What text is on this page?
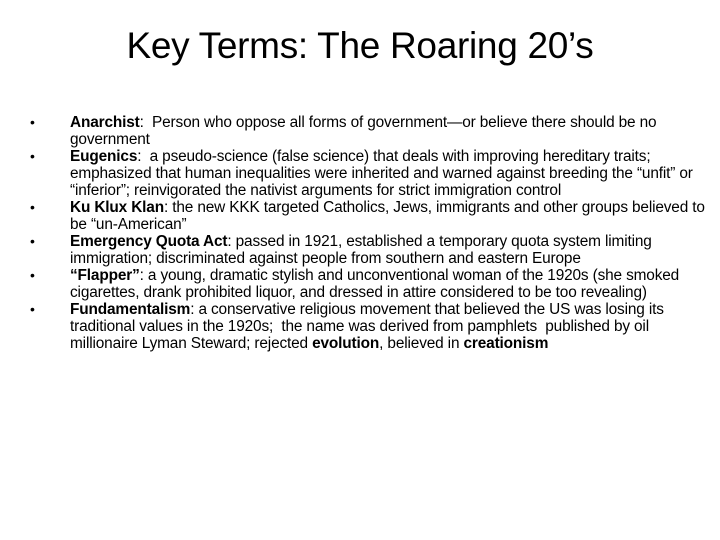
Key Terms: The Roaring 20’s
•	Anarchist:  Person who oppose all forms of government—or believe there should be no government
•	Eugenics:  a pseudo-science (false science) that deals with improving hereditary traits; emphasized that human inequalities were inherited and warned against breeding the “unfit” or “inferior”; reinvigorated the nativist arguments for strict immigration control
•	Ku Klux Klan: the new KKK targeted Catholics, Jews, immigrants and other groups believed to be “un-American”
•	Emergency Quota Act: passed in 1921, established a temporary quota system limiting immigration; discriminated against people from southern and eastern Europe
•	“Flapper”: a young, dramatic stylish and unconventional woman of the 1920s (she smoked cigarettes, drank prohibited liquor, and dressed in attire considered to be too revealing)
•	Fundamentalism: a conservative religious movement that believed the US was losing its traditional values in the 1920s;  the name was derived from pamphlets  published by oil millionaire Lyman Steward; rejected evolution, believed in creationism
